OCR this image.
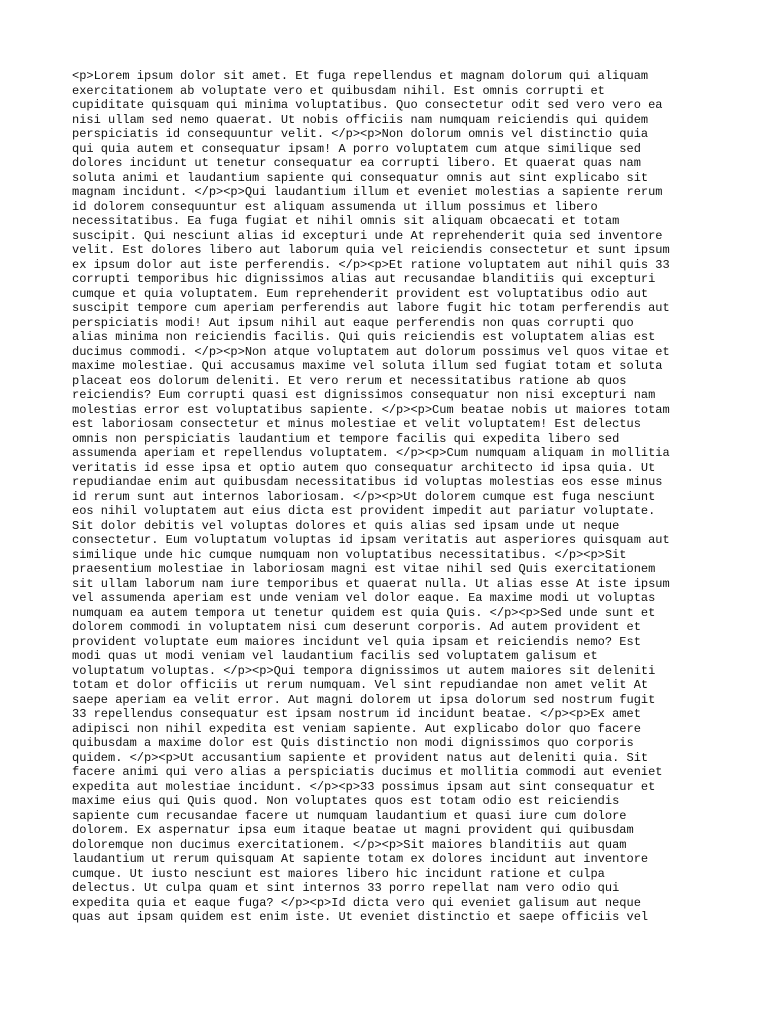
<p>Lorem ipsum dolor sit amet. Et fuga repellendus et magnam dolorum qui aliquam
exercitationem ab voluptate vero et quibusdam nihil. Est omnis corrupti et
cupiditate quisquam qui minima voluptatibus. Quo consectetur odit sed vero vero ea
nisi ullam sed nemo quaerat. Ut nobis officiis nam numquam reiciendis qui quidem
perspiciatis id consequuntur velit. </p><p>Non dolorum omnis vel distinctio quia
qui quia autem et consequatur ipsam! A porro voluptatem cum atque similique sed
dolores incidunt ut tenetur consequatur ea corrupti libero. Et quaerat quas nam
soluta animi et laudantium sapiente qui consequatur omnis aut sint explicabo sit
magnam incidunt. </p><p>Qui laudantium illum et eveniet molestias a sapiente rerum
id dolorem consequuntur est aliquam assumenda ut illum possimus et libero
necessitatibus. Ea fuga fugiat et nihil omnis sit aliquam obcaecati et totam
suscipit. Qui nesciunt alias id excepturi unde At reprehenderit quia sed inventore
velit. Est dolores libero aut laborum quia vel reiciendis consectetur et sunt ipsum
ex ipsum dolor aut iste perferendis. </p><p>Et ratione voluptatem aut nihil quis 33
corrupti temporibus hic dignissimos alias aut recusandae blanditiis qui excepturi
cumque et quia voluptatem. Eum reprehenderit provident est voluptatibus odio aut
suscipit tempore cum aperiam perferendis aut labore fugit hic totam perferendis aut
perspiciatis modi! Aut ipsum nihil aut eaque perferendis non quas corrupti quo
alias minima non reiciendis facilis. Qui quis reiciendis est voluptatem alias est
ducimus commodi. </p><p>Non atque voluptatem aut dolorum possimus vel quos vitae et
maxime molestiae. Qui accusamus maxime vel soluta illum sed fugiat totam et soluta
placeat eos dolorum deleniti. Et vero rerum et necessitatibus ratione ab quos
reiciendis? Eum corrupti quasi est dignissimos consequatur non nisi excepturi nam
molestias error est voluptatibus sapiente. </p><p>Cum beatae nobis ut maiores totam
est laboriosam consectetur et minus molestiae et velit voluptatem! Est delectus
omnis non perspiciatis laudantium et tempore facilis qui expedita libero sed
assumenda aperiam et repellendus voluptatem. </p><p>Cum numquam aliquam in mollitia
veritatis id esse ipsa et optio autem quo consequatur architecto id ipsa quia. Ut
repudiandae enim aut quibusdam necessitatibus id voluptas molestias eos esse minus
id rerum sunt aut internos laboriosam. </p><p>Ut dolorem cumque est fuga nesciunt
eos nihil voluptatem aut eius dicta est provident impedit aut pariatur voluptate.
Sit dolor debitis vel voluptas dolores et quis alias sed ipsam unde ut neque
consectetur. Eum voluptatum voluptas id ipsam veritatis aut asperiores quisquam aut
similique unde hic cumque numquam non voluptatibus necessitatibus. </p><p>Sit
praesentium molestiae in laboriosam magni est vitae nihil sed Quis exercitationem
sit ullam laborum nam iure temporibus et quaerat nulla. Ut alias esse At iste ipsum
vel assumenda aperiam est unde veniam vel dolor eaque. Ea maxime modi ut voluptas
numquam ea autem tempora ut tenetur quidem est quia Quis. </p><p>Sed unde sunt et
dolorem commodi in voluptatem nisi cum deserunt corporis. Ad autem provident et
provident voluptate eum maiores incidunt vel quia ipsam et reiciendis nemo? Est
modi quas ut modi veniam vel laudantium facilis sed voluptatem galisum et
voluptatum voluptas. </p><p>Qui tempora dignissimos ut autem maiores sit deleniti
totam et dolor officiis ut rerum numquam. Vel sint repudiandae non amet velit At
saepe aperiam ea velit error. Aut magni dolorem ut ipsa dolorum sed nostrum fugit
33 repellendus consequatur est ipsam nostrum id incidunt beatae. </p><p>Ex amet
adipisci non nihil expedita est veniam sapiente. Aut explicabo dolor quo facere
quibusdam a maxime dolor est Quis distinctio non modi dignissimos quo corporis
quidem. </p><p>Ut accusantium sapiente et provident natus aut deleniti quia. Sit
facere animi qui vero alias a perspiciatis ducimus et mollitia commodi aut eveniet
expedita aut molestiae incidunt. </p><p>33 possimus ipsam aut sint consequatur et
maxime eius qui Quis quod. Non voluptates quos est totam odio est reiciendis
sapiente cum recusandae facere ut numquam laudantium et quasi iure cum dolore
dolorem. Ex aspernatur ipsa eum itaque beatae ut magni provident qui quibusdam
doloremque non ducimus exercitationem. </p><p>Sit maiores blanditiis aut quam
laudantium ut rerum quisquam At sapiente totam ex dolores incidunt aut inventore
cumque. Ut iusto nesciunt est maiores libero hic incidunt ratione et culpa
delectus. Ut culpa quam et sint internos 33 porro repellat nam vero odio qui
expedita quia et eaque fuga? </p><p>Id dicta vero qui eveniet galisum aut neque
quas aut ipsam quidem est enim iste. Ut eveniet distinctio et saepe officiis vel
